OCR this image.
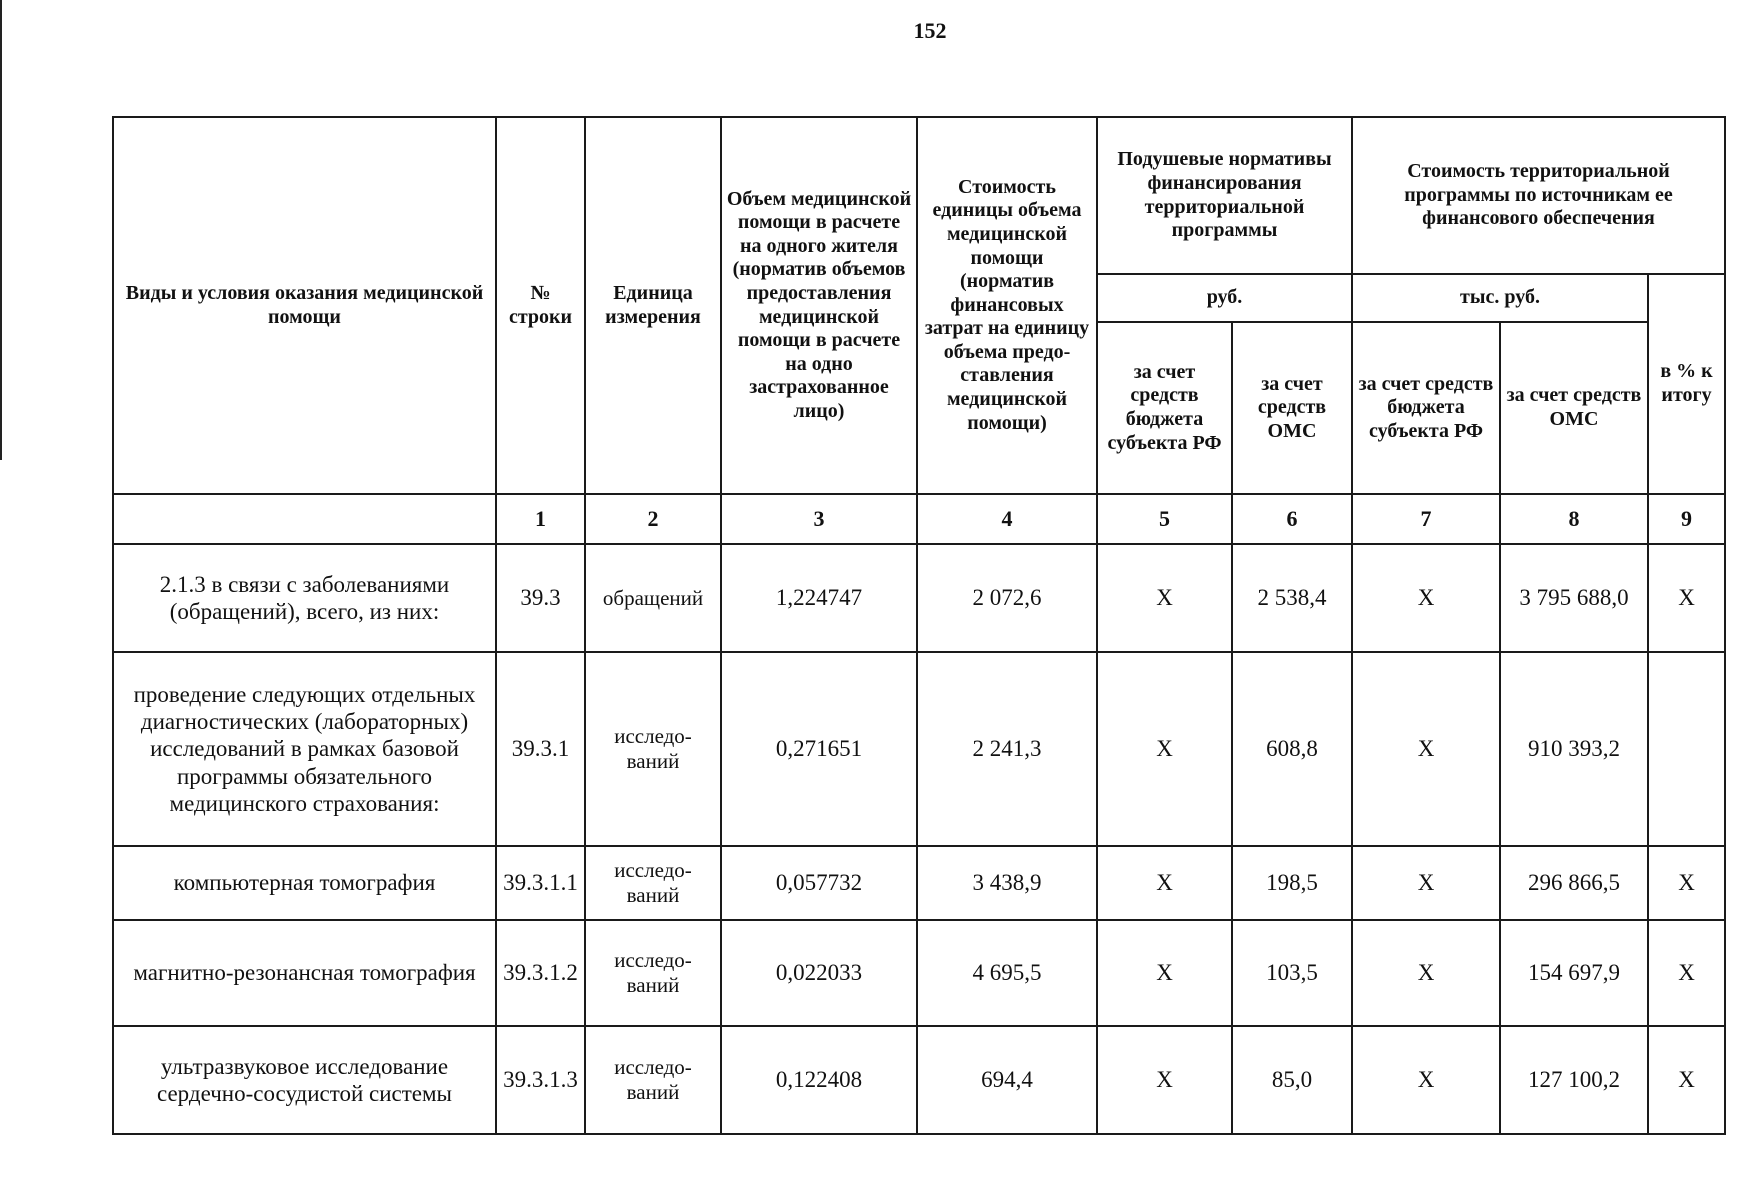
152
Виды и условия оказания медицинской помощи	№ строки	Единица измерения	Объем медицинской помощи в расчете на одного жителя (норматив объемов предоставления медицинской помощи в расчете на одно застрахованное лицо)	Стоимость единицы объема медицинской помощи (норматив финансовых затрат на единицу объема предо-ставления медицинской помощи)	Подушевые нормативы финансирования территориальной программы		Стоимость территориальной программы по источникам ее финансового обеспечения		
					руб.		тыс. руб.		в % к итогу
					за счет средств бюджета субъекта РФ	за счет средств ОМС	за счет средств бюджета субъекта РФ	за счет средств ОМС	
	1	2	3	4	5	6	7	8	9
2.1.3 в связи с заболеваниями (обращений), всего, из них:	39.3	обращений	1,224747	2 072,6	X	2 538,4	X	3 795 688,0	X
проведение следующих отдельных диагностических (лабораторных) исследований в рамках базовой программы обязательного медицинского страхования:	39.3.1	исследо-ваний	0,271651	2 241,3	X	608,8	X	910 393,2	
компьютерная томография	39.3.1.1	исследо-ваний	0,057732	3 438,9	X	198,5	X	296 866,5	X
магнитно-резонансная томография	39.3.1.2	исследо-ваний	0,022033	4 695,5	X	103,5	X	154 697,9	X
ультразвуковое исследование сердечно-сосудистой системы	39.3.1.3	исследо-ваний	0,122408	694,4	X	85,0	X	127 100,2	X
